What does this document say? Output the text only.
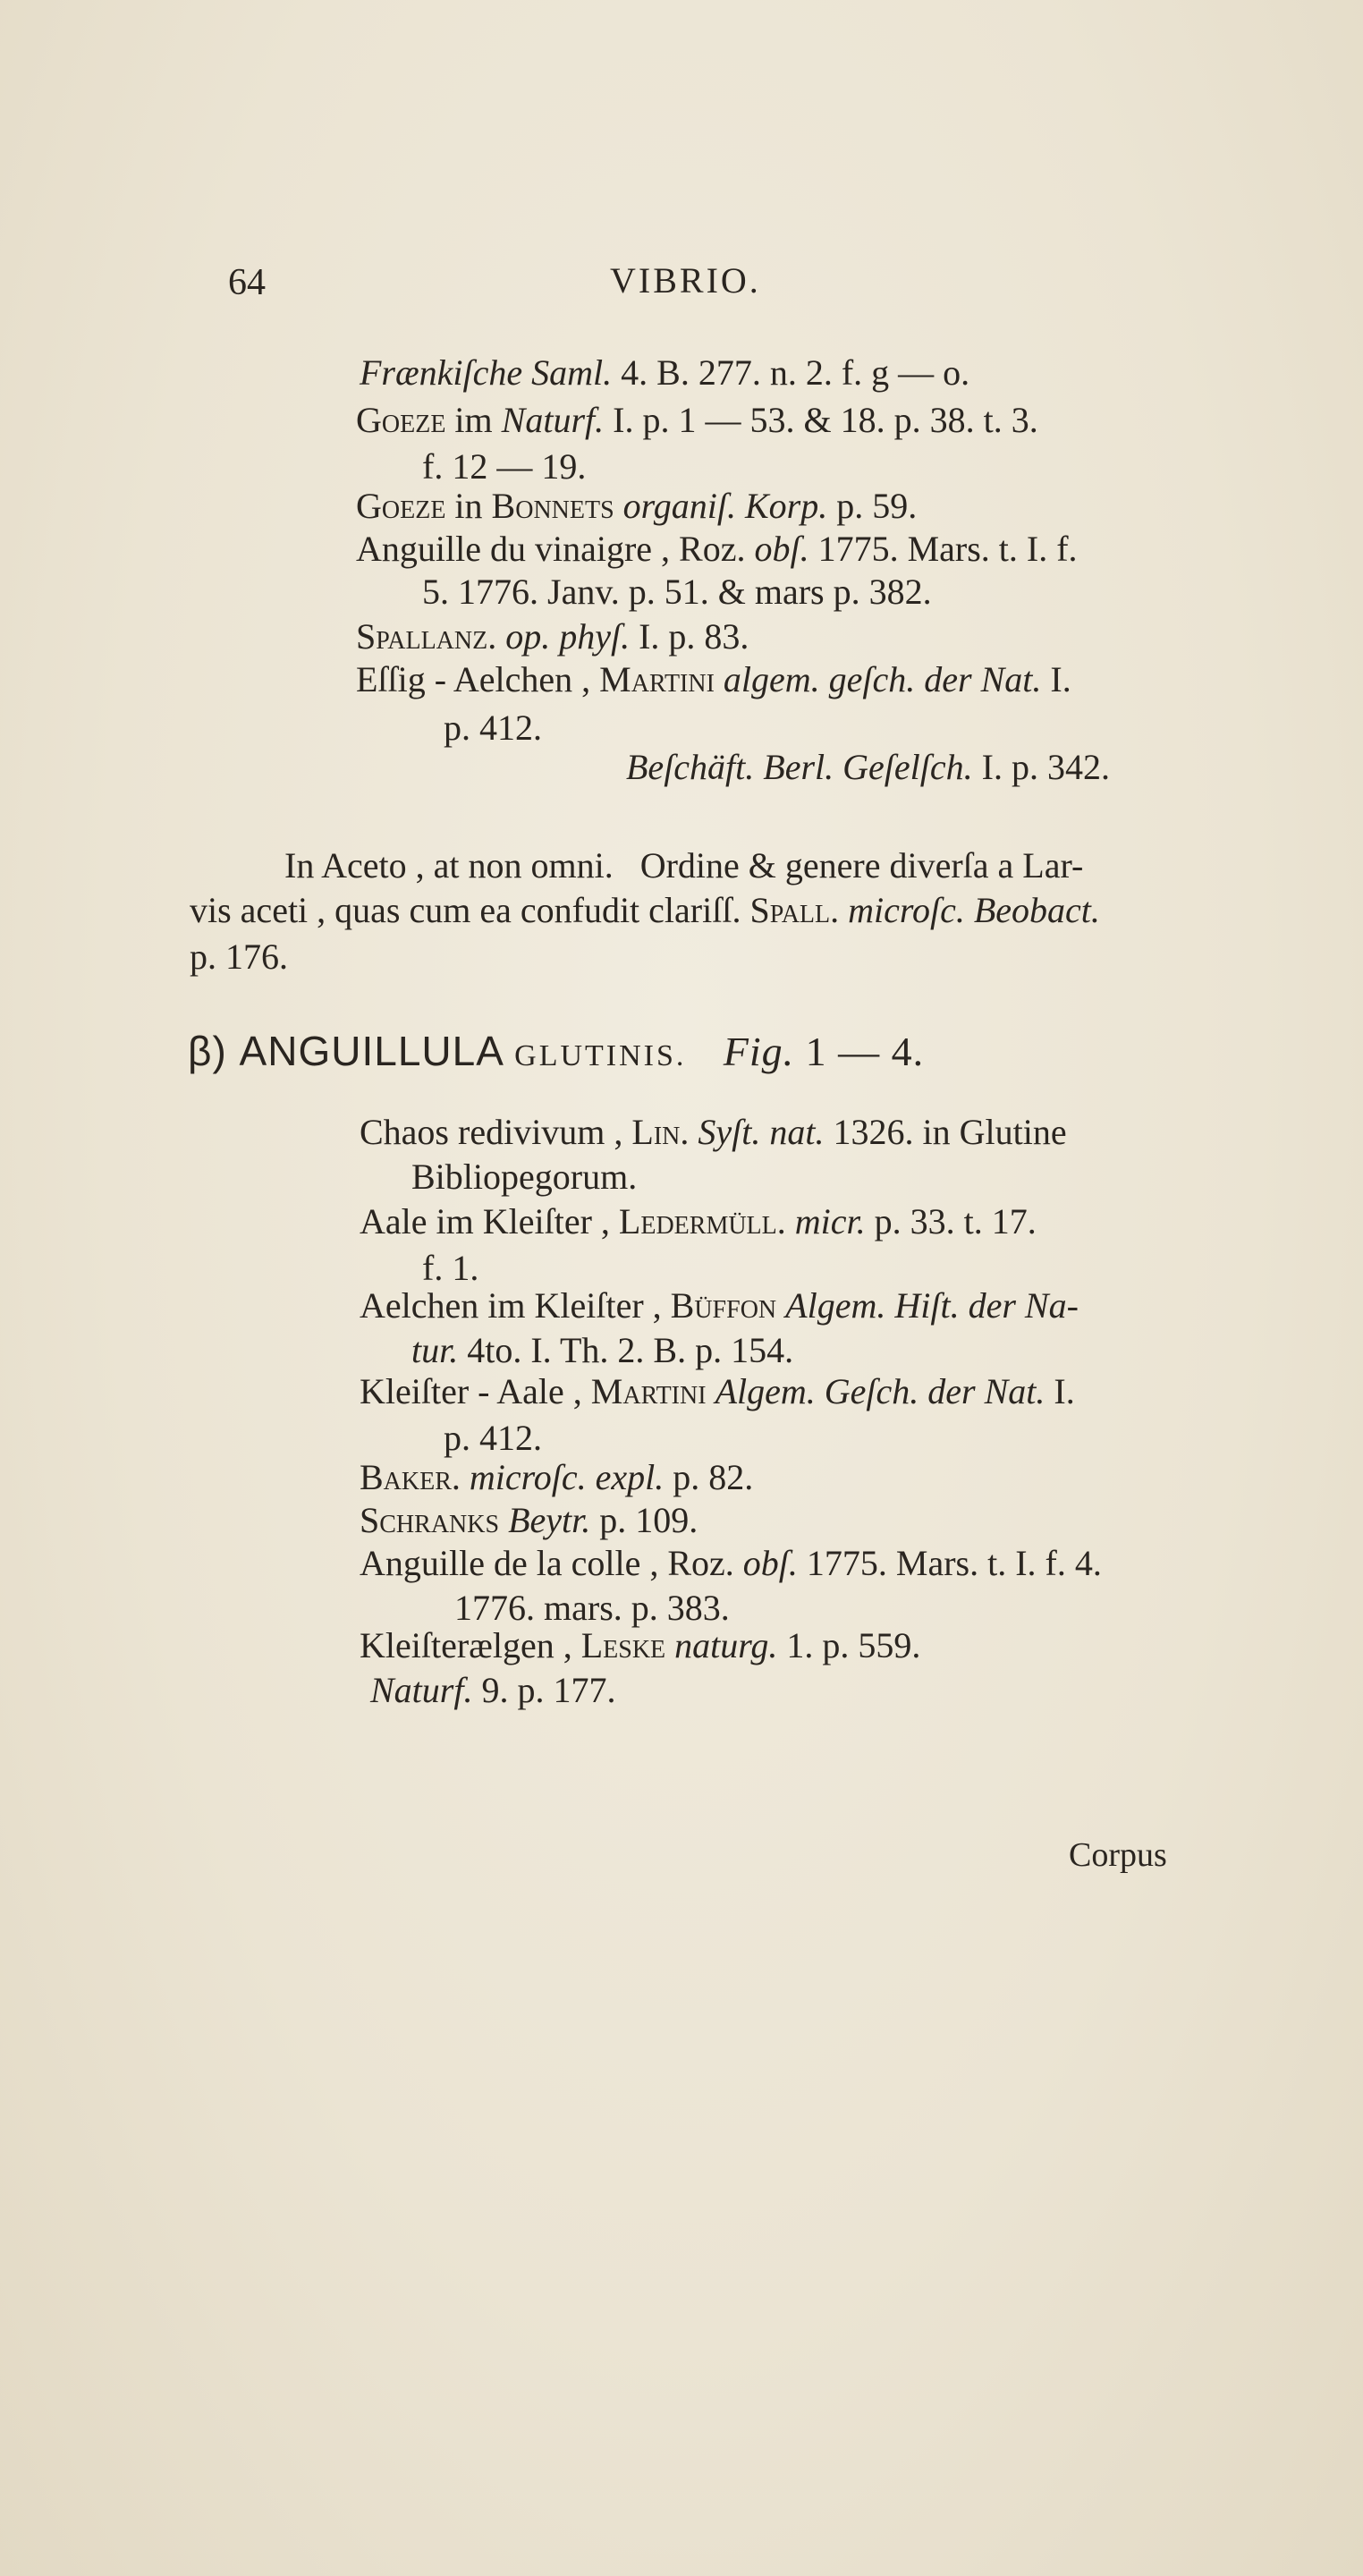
64	VIBRIO.
Frænkiſche Saml. 4. B. 277. n. 2. f. g — o.
Goeze im Naturf. I. p. 1 — 53. & 18. p. 38. t. 3.
f. 12 — 19.
Goeze in Bonnets organiſ. Korp. p. 59.
Anguille du vinaigre , Roz. obſ. 1775. Mars. t. I. f.
5. 1776. Janv. p. 51. & mars p. 382.
Spallanz. op. phyſ. I. p. 83.
Eſſig - Aelchen , Martini algem. geſch. der Nat. I.
p. 412.
Beſchäft. Berl. Geſelſch. I. p. 342.
In Aceto , at non omni.   Ordine & genere diverſa a Lar-
vis aceti , quas cum ea confudit clariſſ. Spall. microſc. Beobact.
p. 176.
β) ANGUILLULA GLUTINIS. Fig. 1 — 4.
Chaos redivivum , Lin. Syſt. nat. 1326. in Glutine
Bibliopegorum.
Aale im Kleiſter , Ledermüll. micr. p. 33. t. 17.
f. 1.
Aelchen im Kleiſter , Büffon Algem. Hiſt. der Na-
tur. 4to. I. Th. 2. B. p. 154.
Kleiſter - Aale , Martini Algem. Geſch. der Nat. I.
p. 412.
Baker. microſc. expl. p. 82.
Schranks Beytr. p. 109.
Anguille de la colle , Roz. obſ. 1775. Mars. t. I. f. 4.
1776. mars. p. 383.
Kleiſterælgen , Leske naturg. 1. p. 559.
Naturf. 9. p. 177.
Corpus
